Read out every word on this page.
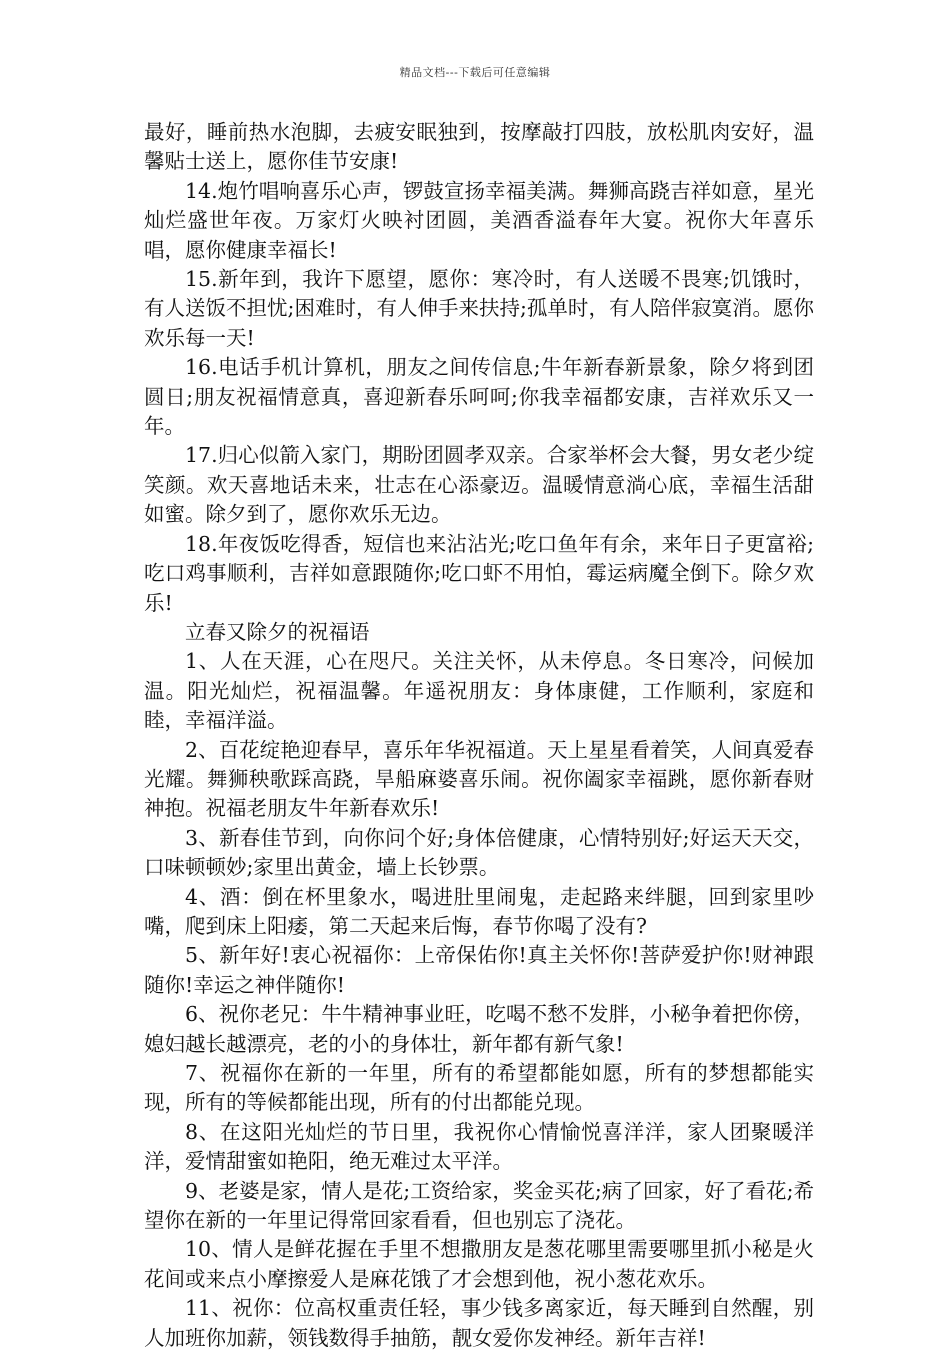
精品文档---下载后可任意编辑

最好，睡前热水泡脚，去疲安眠独到，按摩敲打四肢，放松肌肉安好，温馨贴士送上，愿你佳节安康!

14.炮竹唱响喜乐心声，锣鼓宣扬幸福美满。舞狮高跷吉祥如意，星光灿烂盛世年夜。万家灯火映衬团圆，美酒香溢春年大宴。祝你大年喜乐唱，愿你健康幸福长!

15.新年到，我许下愿望，愿你：寒冷时，有人送暖不畏寒;饥饿时，有人送饭不担忧;困难时，有人伸手来扶持;孤单时，有人陪伴寂寞消。愿你欢乐每一天!

16.电话手机计算机，朋友之间传信息;牛年新春新景象，除夕将到团圆日;朋友祝福情意真，喜迎新春乐呵呵;你我幸福都安康，吉祥欢乐又一年。

17.归心似箭入家门，期盼团圆孝双亲。合家举杯会大餐，男女老少绽笑颜。欢天喜地话未来，壮志在心添豪迈。温暖情意淌心底，幸福生活甜如蜜。除夕到了，愿你欢乐无边。

18.年夜饭吃得香，短信也来沾沾光;吃口鱼年有余，来年日子更富裕;吃口鸡事顺利，吉祥如意跟随你;吃口虾不用怕，霉运病魔全倒下。除夕欢乐!

立春又除夕的祝福语

1、人在天涯，心在咫尺。关注关怀，从未停息。冬日寒冷，问候加温。阳光灿烂，祝福温馨。年遥祝朋友：身体康健，工作顺利，家庭和睦，幸福洋溢。

2、百花绽艳迎春早，喜乐年华祝福道。天上星星看着笑，人间真爱春光耀。舞狮秧歌踩高跷，旱船麻婆喜乐闹。祝你阖家幸福跳，愿你新春财神抱。祝福老朋友牛年新春欢乐!

3、新春佳节到，向你问个好;身体倍健康，心情特别好;好运天天交，口味顿顿妙;家里出黄金，墙上长钞票。

4、酒：倒在杯里象水，喝进肚里闹鬼，走起路来绊腿，回到家里吵嘴，爬到床上阳痿，第二天起来后悔，春节你喝了没有?

5、新年好!衷心祝福你：上帝保佑你!真主关怀你!菩萨爱护你!财神跟随你!幸运之神伴随你!

6、祝你老兄：牛牛精神事业旺，吃喝不愁不发胖，小秘争着把你傍，媳妇越长越漂亮，老的小的身体壮，新年都有新气象!

7、祝福你在新的一年里，所有的希望都能如愿，所有的梦想都能实现，所有的等候都能出现，所有的付出都能兑现。

8、在这阳光灿烂的节日里，我祝你心情愉悦喜洋洋，家人团聚暖洋洋，爱情甜蜜如艳阳，绝无难过太平洋。

9、老婆是家，情人是花;工资给家，奖金买花;病了回家，好了看花;希望你在新的一年里记得常回家看看，但也别忘了浇花。

10、情人是鲜花握在手里不想撒朋友是葱花哪里需要哪里抓小秘是火花间或来点小摩擦爱人是麻花饿了才会想到他，祝小葱花欢乐。

11、祝你：位高权重责任轻，事少钱多离家近，每天睡到自然醒，别人加班你加薪，领钱数得手抽筋，靓女爱你发神经。新年吉祥!
